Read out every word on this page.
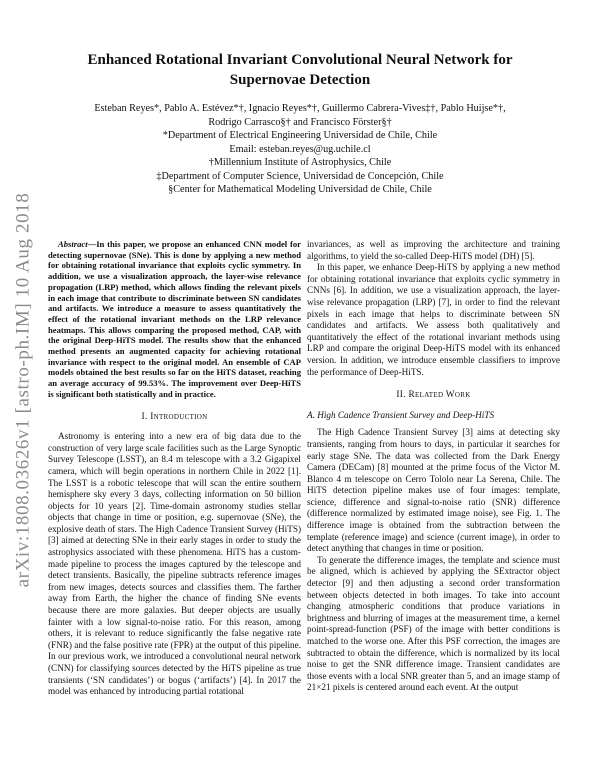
arXiv:1808.03626v1 [astro-ph.IM] 10 Aug 2018
Enhanced Rotational Invariant Convolutional Neural Network for
Supernovae Detection
Esteban Reyes*, Pablo A. Estévez*†, Ignacio Reyes*†, Guillermo Cabrera-Vives‡†, Pablo Huijse*†,
Rodrigo Carrasco§† and Francisco Förster§†
*Department of Electrical Engineering Universidad de Chile, Chile
Email: esteban.reyes@ug.uchile.cl
†Millennium Institute of Astrophysics, Chile
‡Department of Computer Science, Universidad de Concepción, Chile
§Center for Mathematical Modeling Universidad de Chile, Chile

Abstract—In this paper, we propose an enhanced CNN model for detecting supernovae (SNe). This is done by applying a new method for obtaining rotational invariance that exploits cyclic symmetry. In addition, we use a visualization approach, the layer-wise relevance propagation (LRP) method, which allows finding the relevant pixels in each image that contribute to discriminate between SN candidates and artifacts. We introduce a measure to assess quantitatively the effect of the rotational invariant methods on the LRP relevance heatmaps. This allows comparing the proposed method, CAP, with the original Deep-HiTS model. The results show that the enhanced method presents an augmented capacity for achieving rotational invariance with respect to the original model. An ensemble of CAP models obtained the best results so far on the HiTS dataset, reaching an average accuracy of 99.53%. The improvement over Deep-HiTS is significant both statistically and in practice.

I. Introduction

Astronomy is entering into a new era of big data due to the construction of very large scale facilities such as the Large Synoptic Survey Telescope (LSST), an 8.4 m telescope with a 3.2 Gigapixel camera, which will begin operations in northern Chile in 2022 [1]. The LSST is a robotic telescope that will scan the entire southern hemisphere sky every 3 days, collecting information on 50 billion objects for 10 years [2]. Time-domain astronomy studies stellar objects that change in time or position, e.g. supernovae (SNe), the explosive death of stars. The High Cadence Transient Survey (HiTS) [3] aimed at detecting SNe in their early stages in order to study the astrophysics associated with these phenomena. HiTS has a custom-made pipeline to process the images captured by the telescope and detect transients. Basically, the pipeline subtracts reference images from new images, detects sources and classifies them. The farther away from Earth, the higher the chance of finding SNe events because there are more galaxies. But deeper objects are usually fainter with a low signal-to-noise ratio. For this reason, among others, it is relevant to reduce significantly the false negative rate (FNR) and the false positive rate (FPR) at the output of this pipeline. In our previous work, we introduced a convolutional neural network (CNN) for classifying sources detected by the HiTS pipeline as true transients (‘SN candidates’) or bogus (‘artifacts’) [4]. In 2017 the model was enhanced by introducing partial rotational

invariances, as well as improving the architecture and training algorithms, to yield the so-called Deep-HiTS model (DH) [5].

In this paper, we enhance Deep-HiTS by applying a new method for obtaining rotational invariance that exploits cyclic symmetry in CNNs [6]. In addition, we use a visualization approach, the layer-wise relevance propagation (LRP) [7], in order to find the relevant pixels in each image that helps to discriminate between SN candidates and artifacts. We assess both qualitatively and quantitatively the effect of the rotational invariant methods using LRP and compare the original Deep-HiTS model with its enhanced version. In addition, we introduce ensemble classifiers to improve the performance of Deep-HiTS.

II. Related Work
A. High Cadence Transient Survey and Deep-HiTS

The High Cadence Transient Survey [3] aims at detecting sky transients, ranging from hours to days, in particular it searches for early stage SNe. The data was collected from the Dark Energy Camera (DECam) [8] mounted at the prime focus of the Victor M. Blanco 4 m telescope on Cerro Tololo near La Serena, Chile. The HiTS detection pipeline makes use of four images: template, science, difference and signal-to-noise ratio (SNR) difference (difference normalized by estimated image noise), see Fig. 1. The difference image is obtained from the subtraction between the template (reference image) and science (current image), in order to detect anything that changes in time or position.

To generate the difference images, the template and science must be aligned, which is achieved by applying the SExtractor object detector [9] and then adjusting a second order transformation between objects detected in both images. To take into account changing atmospheric conditions that produce variations in brightness and blurring of images at the measurement time, a kernel point-spread-function (PSF) of the image with better conditions is matched to the worse one. After this PSF correction, the images are subtracted to obtain the difference, which is normalized by its local noise to get the SNR difference image. Transient candidates are those events with a local SNR greater than 5, and an image stamp of 21×21 pixels is centered around each event. At the output
